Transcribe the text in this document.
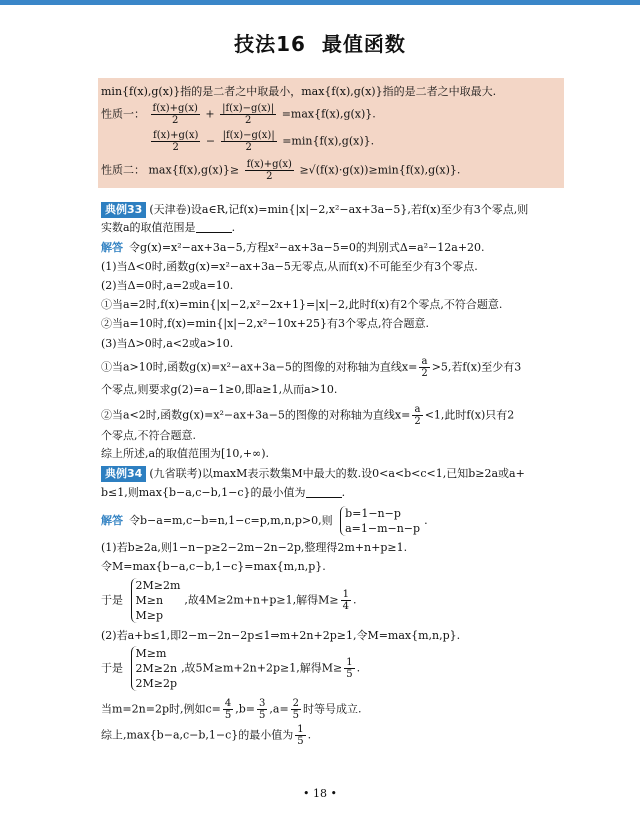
技法16 最值函数
min{f(x),g(x)}指的是二者之中取最小，max{f(x),g(x)}指的是二者之中取最大.
性质一： $\frac{f(x)+g(x)}{2} + \frac{|f(x)-g(x)|}{2} =\max\{f(x),g(x)\}$.
$\frac{f(x)+g(x)}{2} - \frac{|f(x)-g(x)|}{2} =\min\{f(x),g(x)\}$.
性质二： $\max\{f(x),g(x)\}\ge \frac{f(x)+g(x)}{2} \ge√(f(x)\cdot g(x))\ge\min\{f(x),g(x)\}$.
典例33 (天津卷)设a∈R,记f(x)=min{|x|−2,x²−ax+3a−5},若f(x)至少有3个零点,则
实数a的取值范围是	.
解答 令g(x)=x²−ax+3a−5,方程x²−ax+3a−5=0的判别式Δ=a²−12a+20.
(1)当Δ<0时,函数g(x)=x²−ax+3a−5无零点,从而f(x)不可能至少有3个零点.
(2)当Δ=0时,a=2或a=10.
①当a=2时,f(x)=min{|x|−2,x²−2x+1}=|x|−2,此时f(x)有2个零点,不符合题意.
②当a=10时,f(x)=min{|x|−2,x²−10x+25}有3个零点,符合题意.
(3)当Δ>0时,a<2或a>10.
①当a>10时,函数g(x)=x²−ax+3a−5的图像的对称轴为直线$x= \frac{a}{2} >5$,若f(x)至少有3
个零点,则要求g(2)=a−1≥0,即a≥1,从而a>10.
②当a<2时,函数g(x)=x²−ax+3a−5的图像的对称轴为直线$x= \frac{a}{2} <1$,此时f(x)只有2
个零点,不符合题意.
综上所述,a的取值范围为[10,+∞).
典例34 (九省联考)以maxM表示数集M中最大的数.设0<a<b<c<1,已知b≥2a或a+
b≤1,则max{b−a,c−b,1−c}的最小值为	.
解答 令b−a=m,c−b=n,1−c=p,m,n,p>0,则
b=1−n−p
a=1−m−n−p
.
(1)若b≥2a,则1−n−p≥2−2m−2n−2p,整理得2m+n+p≥1.
令M=max{b−a,c−b,1−c}=max{m,n,p}.
于是
2M≥2m
M≥n
M≥p
,故4M≥2m+n+p≥1,解得$M\ge \frac{1}{4}$ .
(2)若a+b≤1,即2−m−2n−2p≤1⇒m+2n+2p≥1,令M=max{m,n,p}.
于是
M≥m
2M≥2n
2M≥2p
,故5M≥m+2n+2p≥1,解得$M\ge \frac{1}{5}$ .
当m=2n=2p时,例如$c= \frac{4}{5} ,b= \frac{3}{5} ,a= \frac{2}{5}$ 时等号成立.
综上,max{b−a,c−b,1−c}的最小值为 $\frac{1}{5}$ .
• 18 •
